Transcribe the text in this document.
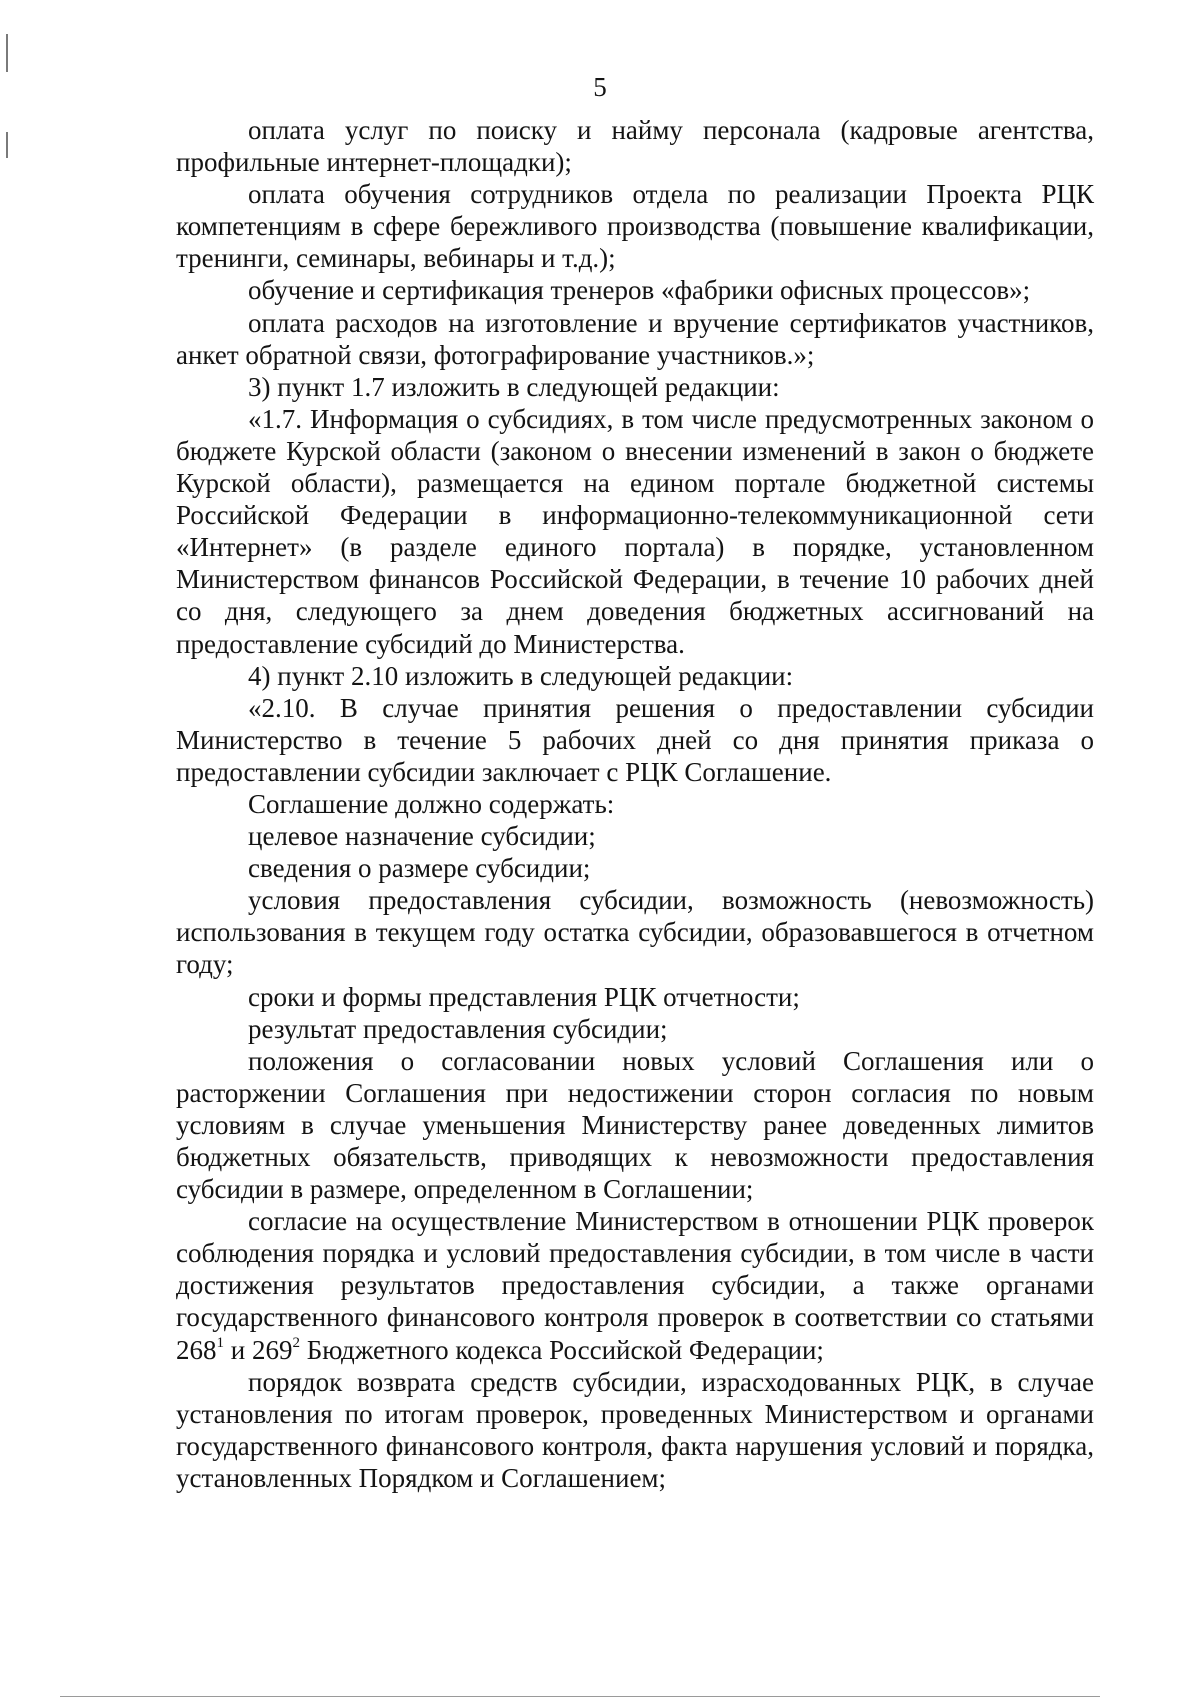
5

оплата услуг по поиску и найму персонала (кадровые агентства, профильные интернет-площадки);

оплата обучения сотрудников отдела по реализации Проекта РЦК компетенциям в сфере бережливого производства (повышение квалификации, тренинги, семинары, вебинары и т.д.);

обучение и сертификация тренеров «фабрики офисных процессов»;

оплата расходов на изготовление и вручение сертификатов участников, анкет обратной связи, фотографирование участников.»;

3) пункт 1.7 изложить в следующей редакции:

«1.7. Информация о субсидиях, в том числе предусмотренных законом о бюджете Курской области (законом о внесении изменений в закон о бюджете Курской области), размещается на едином портале бюджетной системы Российской Федерации в информационно-телекоммуникационной сети «Интернет» (в разделе единого портала) в порядке, установленном Министерством финансов Российской Федерации, в течение 10 рабочих дней со дня, следующего за днем доведения бюджетных ассигнований на предоставление субсидий до Министерства.

4) пункт 2.10 изложить в следующей редакции:

«2.10. В случае принятия решения о предоставлении субсидии Министерство в течение 5 рабочих дней со дня принятия приказа о предоставлении субсидии заключает с РЦК Соглашение.

Соглашение должно содержать:

целевое назначение субсидии;

сведения о размере субсидии;

условия предоставления субсидии, возможность (невозможность) использования в текущем году остатка субсидии, образовавшегося в отчетном году;

сроки и формы представления РЦК отчетности;

результат предоставления субсидии;

положения о согласовании новых условий Соглашения или о расторжении Соглашения при недостижении сторон согласия по новым условиям в случае уменьшения Министерству ранее доведенных лимитов бюджетных обязательств, приводящих к невозможности предоставления субсидии в размере, определенном в Соглашении;

согласие на осуществление Министерством в отношении РЦК проверок соблюдения порядка и условий предоставления субсидии, в том числе в части достижения результатов предоставления субсидии, а также органами государственного финансового контроля проверок в соответствии со статьями $268^1$ и $269^2$ Бюджетного кодекса Российской Федерации;

порядок возврата средств субсидии, израсходованных РЦК, в случае установления по итогам проверок, проведенных Министерством и органами государственного финансового контроля, факта нарушения условий и порядка, установленных Порядком и Соглашением;
